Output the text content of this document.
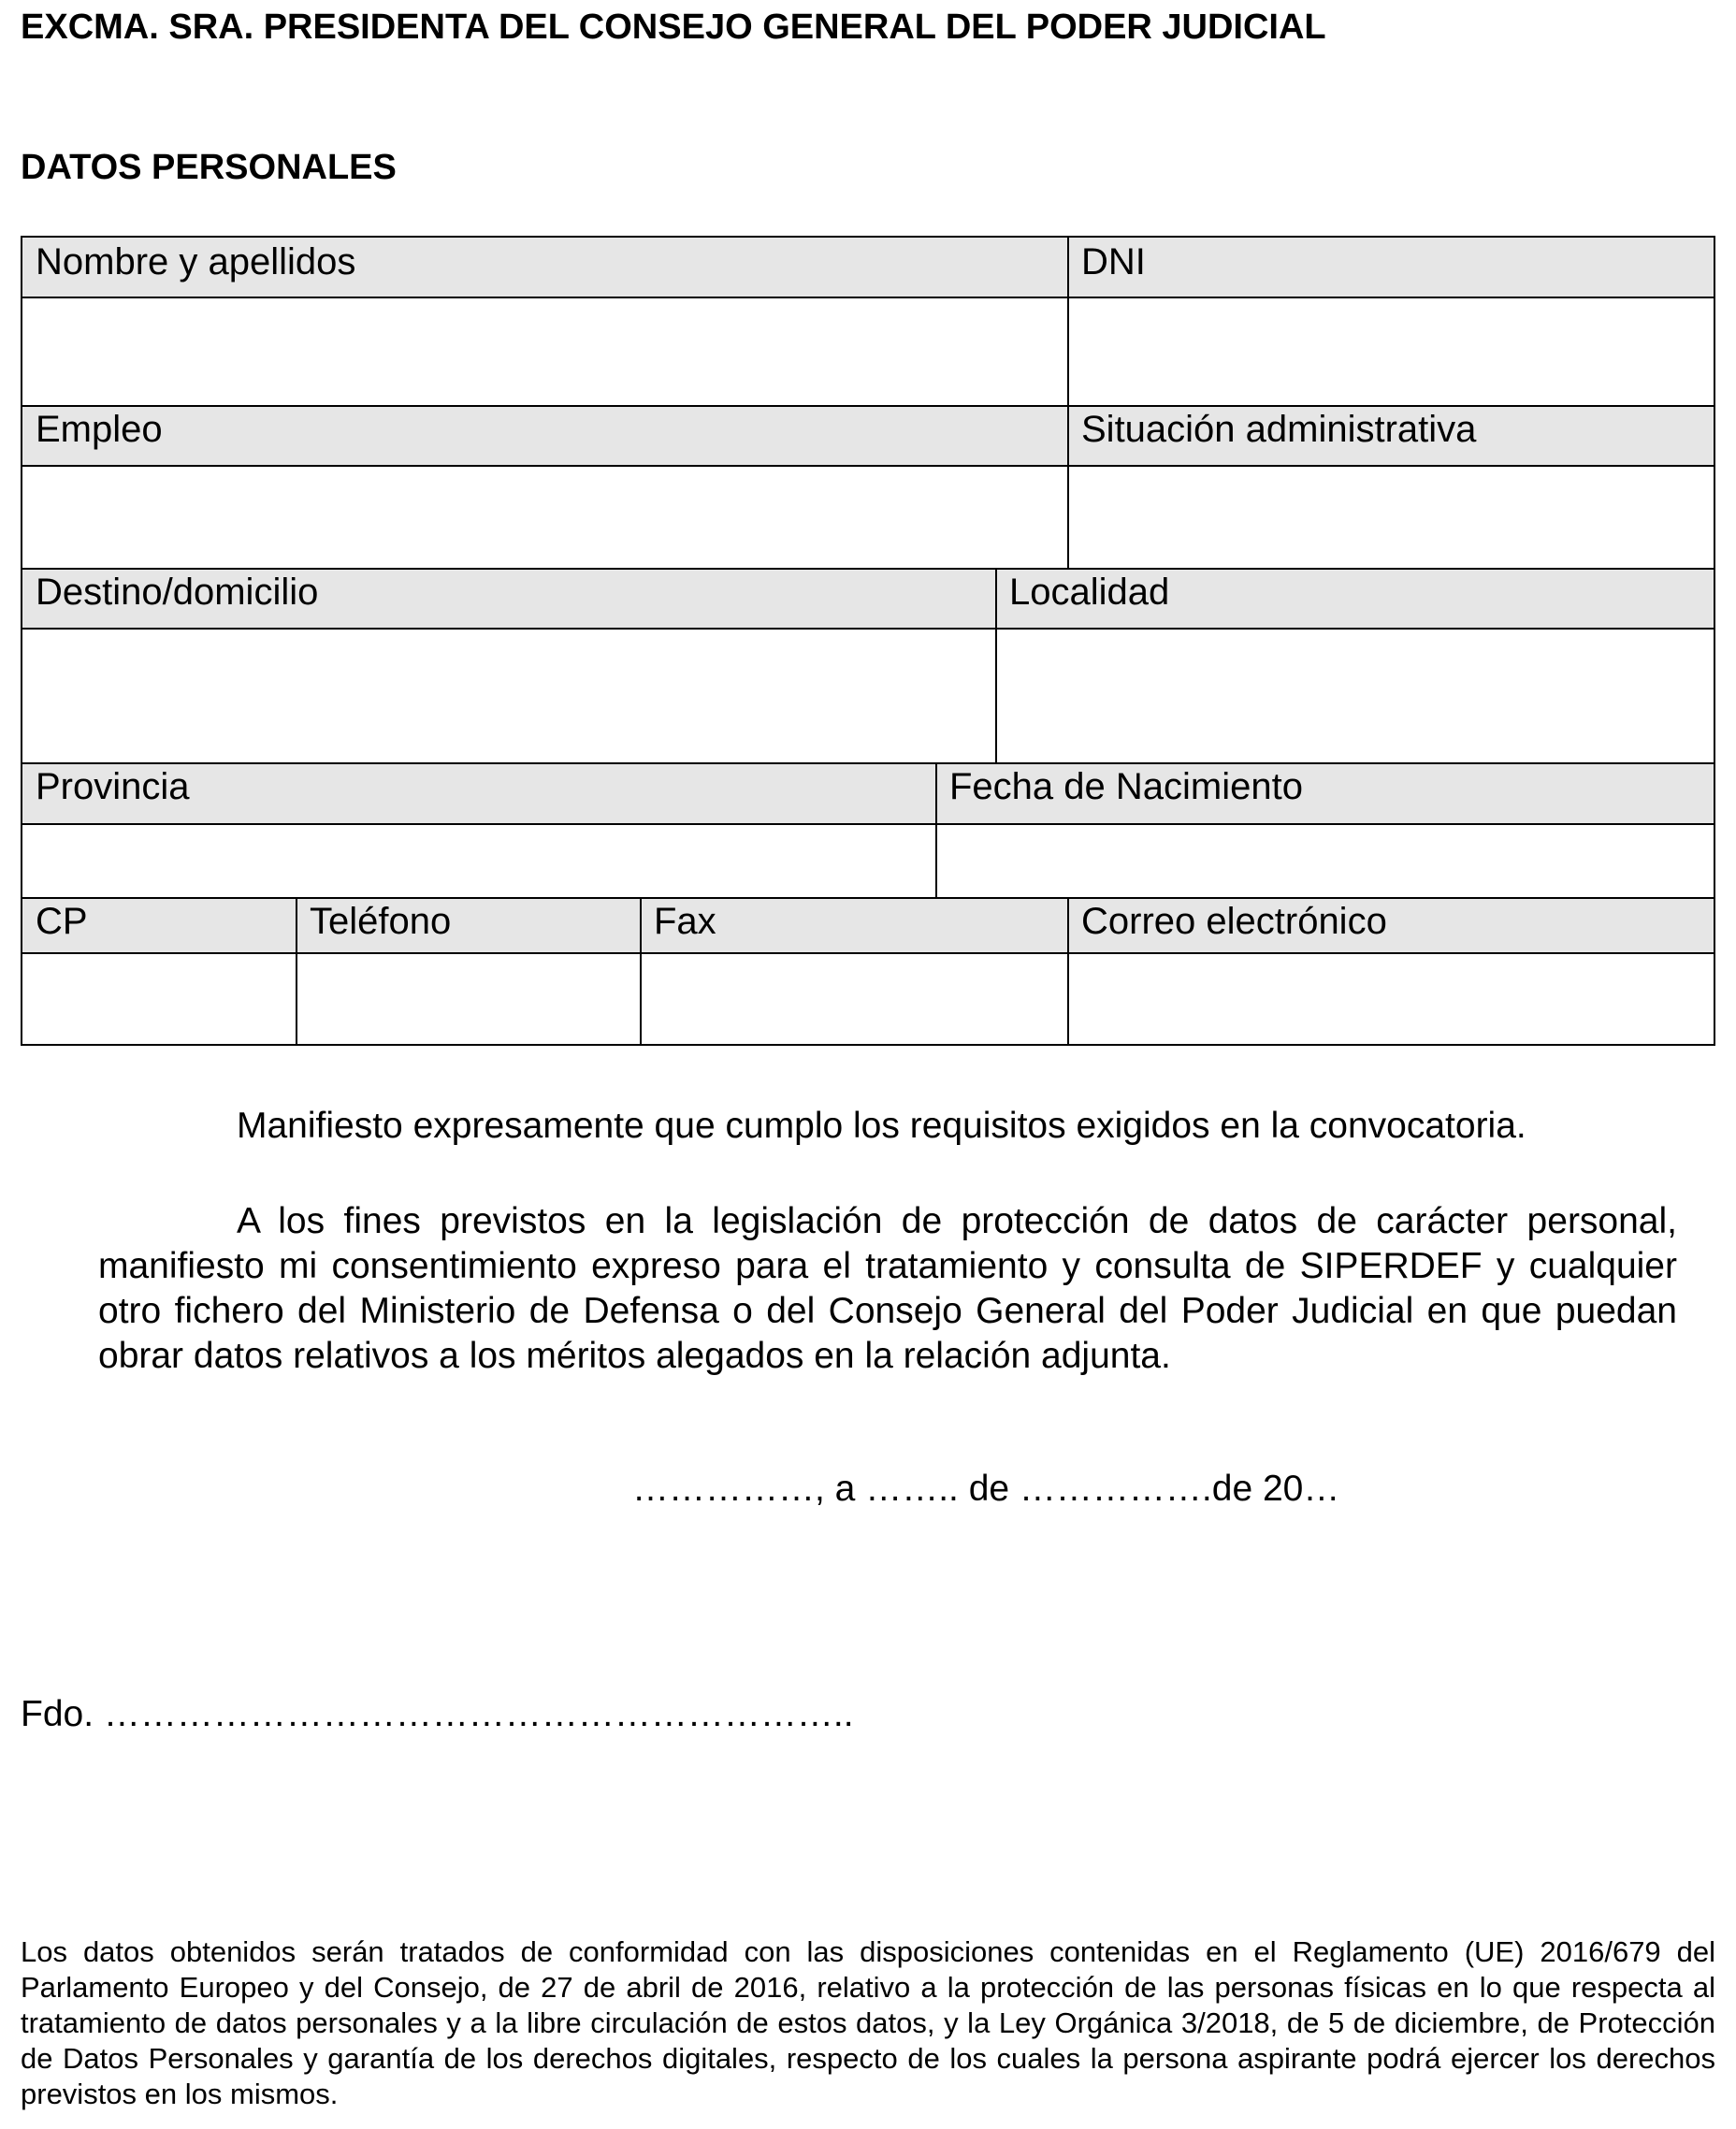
EXCMA. SRA. PRESIDENTA DEL CONSEJO GENERAL DEL PODER JUDICIAL
DATOS PERSONALES
Nombre y apellidos	DNI
Empleo	Situación administrativa
Destino/domicilio	Localidad
Provincia	Fecha de Nacimiento
CP	Teléfono	Fax	Correo electrónico
Manifiesto expresamente que cumplo los requisitos exigidos en la convocatoria.
A los fines previstos en la legislación de protección de datos de carácter personal, manifiesto mi consentimiento expreso para el tratamiento y consulta de SIPERDEF y cualquier otro fichero del Ministerio de Defensa o del Consejo General del Poder Judicial en que puedan obrar datos relativos a los méritos alegados en la relación adjunta.
……………, a …….. de …………….de 20…
Fdo. ……………………………………………………..
Los datos obtenidos serán tratados de conformidad con las disposiciones contenidas en el Reglamento (UE) 2016/679 del Parlamento Europeo y del Consejo, de 27 de abril de 2016, relativo a la protección de las personas físicas en lo que respecta al tratamiento de datos personales y a la libre circulación de estos datos, y la Ley Orgánica 3/2018, de 5 de diciembre, de Protección de Datos Personales y garantía de los derechos digitales, respecto de los cuales la persona aspirante podrá ejercer los derechos previstos en los mismos.
